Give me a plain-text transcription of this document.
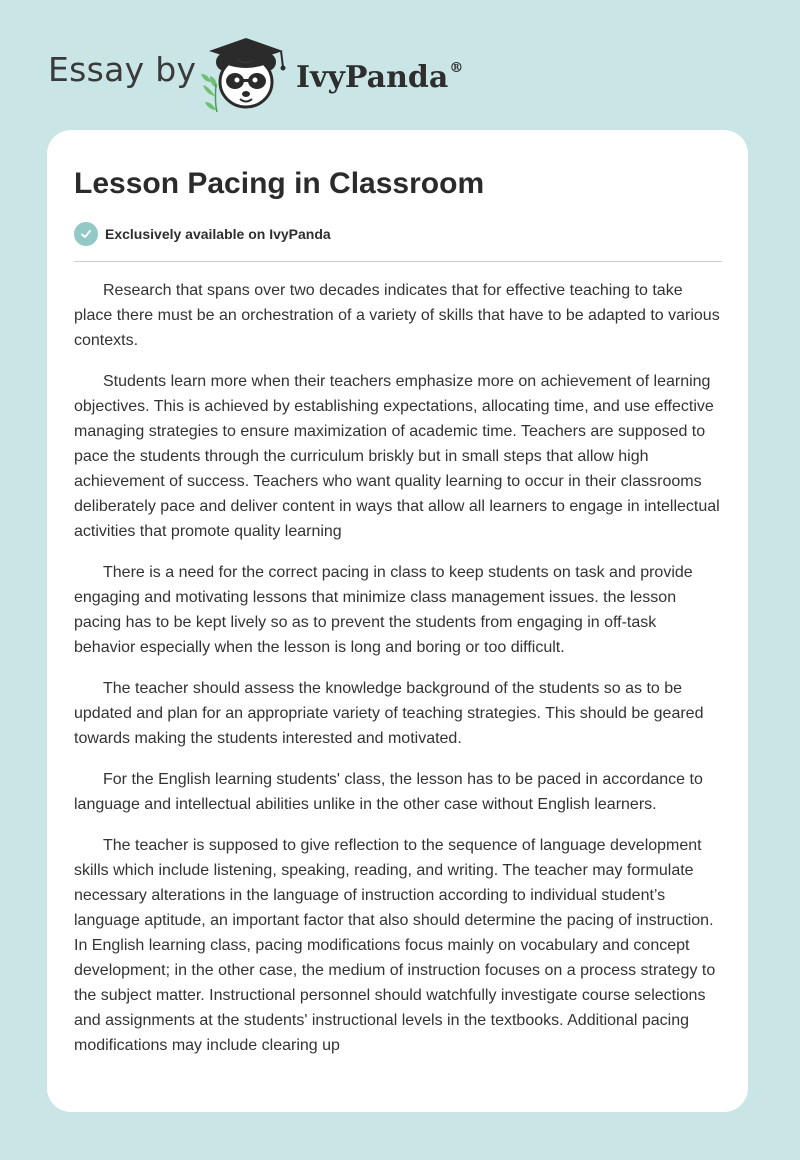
Essay by	IvyPanda®
Lesson Pacing in Classroom
Exclusively available on IvyPanda

Research that spans over two decades indicates that for effective teaching to take place there must be an orchestration of a variety of skills that have to be adapted to various contexts.

Students learn more when their teachers emphasize more on achievement of learning objectives. This is achieved by establishing expectations, allocating time, and use effective managing strategies to ensure maximization of academic time. Teachers are supposed to pace the students through the curriculum briskly but in small steps that allow high achievement of success. Teachers who want quality learning to occur in their classrooms deliberately pace and deliver content in ways that allow all learners to engage in intellectual activities that promote quality learning

There is a need for the correct pacing in class to keep students on task and provide engaging and motivating lessons that minimize class management issues. the lesson pacing has to be kept lively so as to prevent the students from engaging in off-task behavior especially when the lesson is long and boring or too difficult.

The teacher should assess the knowledge background of the students so as to be updated and plan for an appropriate variety of teaching strategies. This should be geared towards making the students interested and motivated.

For the English learning students' class, the lesson has to be paced in accordance to language and intellectual abilities unlike in the other case without English learners.

The teacher is supposed to give reflection to the sequence of language development skills which include listening, speaking, reading, and writing. The teacher may formulate necessary alterations in the language of instruction according to individual student’s language aptitude, an important factor that also should determine the pacing of instruction. In English learning class, pacing modifications focus mainly on vocabulary and concept development; in the other case, the medium of instruction focuses on a process strategy to the subject matter. Instructional personnel should watchfully investigate course selections and assignments at the students' instructional levels in the textbooks. Additional pacing modifications may include clearing up
